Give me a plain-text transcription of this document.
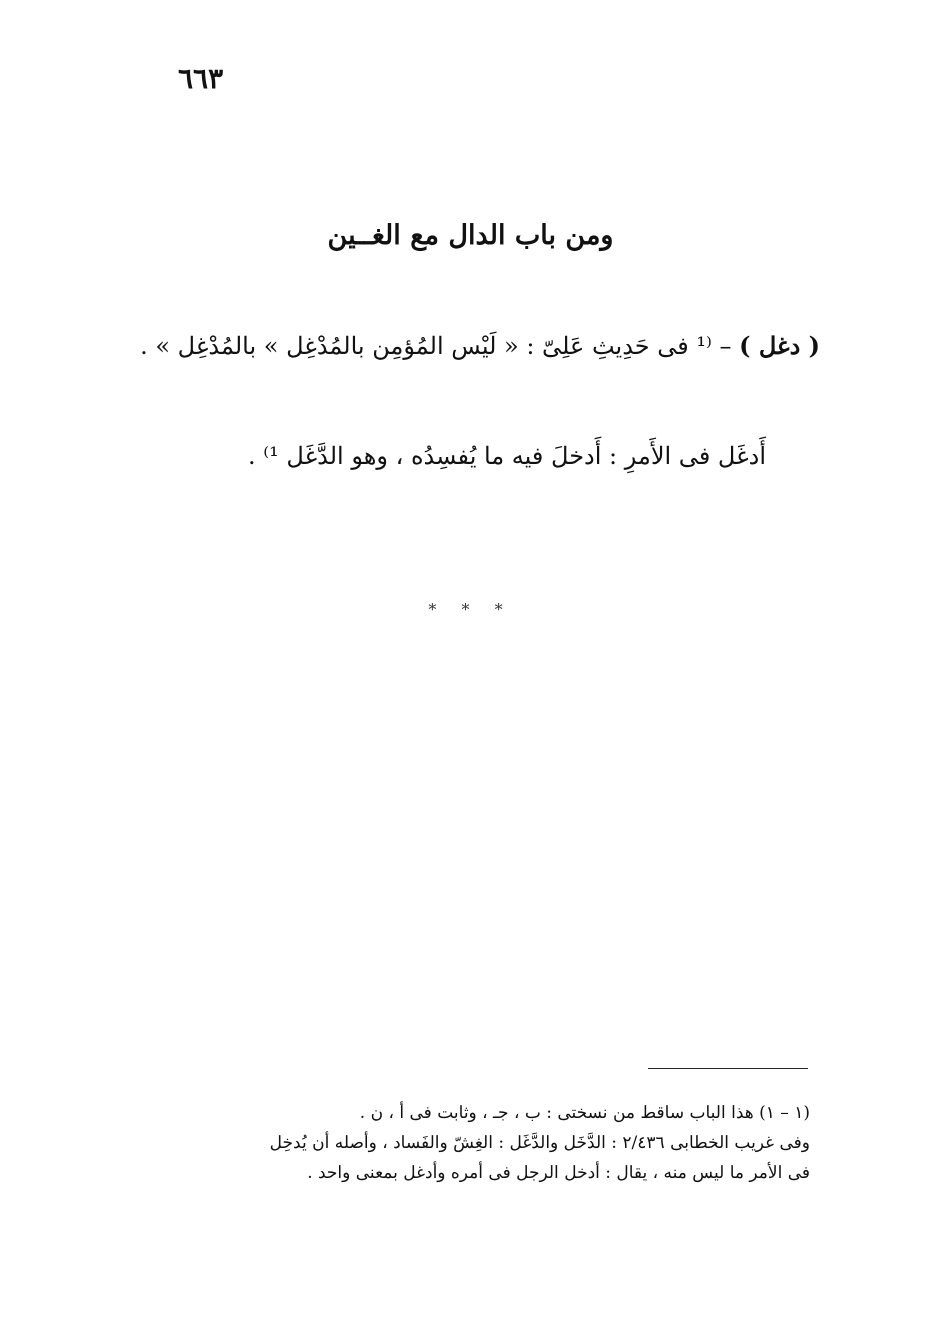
٦٦٣
ومن باب الدال مع الغــين
( دغل ) – ⁽¹ فى حَدِيثِ عَلِىّ : « لَيْس المُؤمِن بالمُدْغِل » بالمُدْغِل » .
أَدغَل فى الأَمرِ : أَدخلَ فيه ما يُفسِدُه ، وهو الدَّغَل ¹⁾ .
* * *
(١ – ١) هذا الباب ساقط من نسختى : ب ، جـ ، وثابت فى أ ، ن .
وفى غريب الخطابى ٢/٤٣٦ : الدَّخَل والدَّغَل : الغِشّ والفَساد ، وأصله أن يُدخِل
فى الأمر ما ليس منه ، يقال : أدخل الرجل فى أمره وأدغل بمعنى واحد .
